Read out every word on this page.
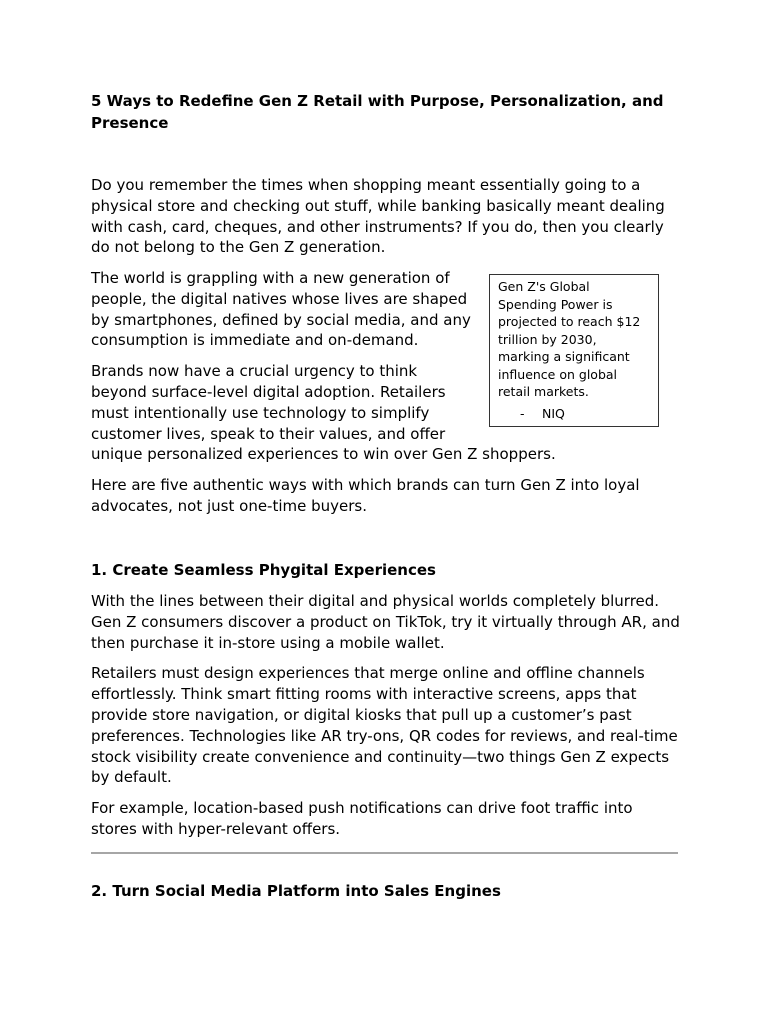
5 Ways to Redefine Gen Z Retail with Purpose, Personalization, and Presence

Do you remember the times when shopping meant essentially going to a physical store and checking out stuff, while banking basically meant dealing with cash, card, cheques, and other instruments? If you do, then you clearly do not belong to the Gen Z generation.

Gen Z's Global Spending Power is projected to reach $12 trillion by 2030, marking a significant influence on global retail markets.
- NIQ

The world is grappling with a new generation of people, the digital natives whose lives are shaped by smartphones, defined by social media, and any consumption is immediate and on-demand.

Brands now have a crucial urgency to think beyond surface-level digital adoption. Retailers must intentionally use technology to simplify customer lives, speak to their values, and offer unique personalized experiences to win over Gen Z shoppers.

Here are five authentic ways with which brands can turn Gen Z into loyal advocates, not just one-time buyers.

1. Create Seamless Phygital Experiences

With the lines between their digital and physical worlds completely blurred. Gen Z consumers discover a product on TikTok, try it virtually through AR, and then purchase it in-store using a mobile wallet.

Retailers must design experiences that merge online and offline channels effortlessly. Think smart fitting rooms with interactive screens, apps that provide store navigation, or digital kiosks that pull up a customer’s past preferences. Technologies like AR try-ons, QR codes for reviews, and real-time stock visibility create convenience and continuity—two things Gen Z expects by default.

For example, location-based push notifications can drive foot traffic into stores with hyper-relevant offers.

2. Turn Social Media Platform into Sales Engines
